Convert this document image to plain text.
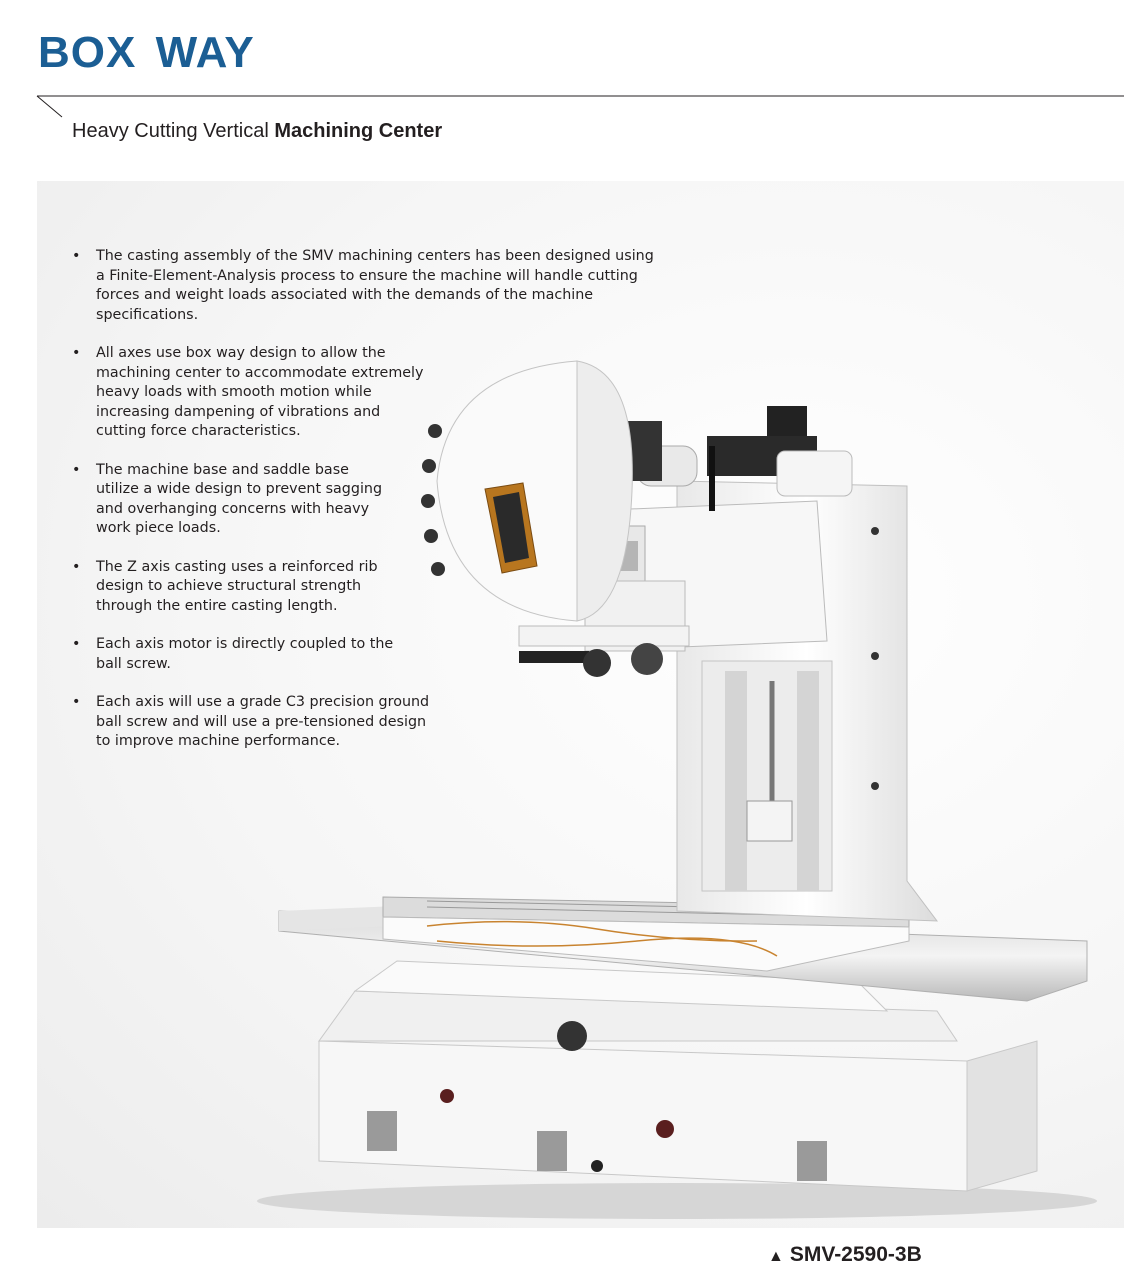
BOX WAY

Heavy Cutting Vertical Machining Center

• The casting assembly of the SMV machining centers has been designed using a Finite-Element-Analysis process to ensure the machine will handle cutting forces and weight loads associated with the demands of the machine specifications.
• All axes use box way design to allow the machining center to accommodate extremely heavy loads with smooth motion while increasing dampening of vibrations and cutting force characteristics.
• The machine base and saddle base utilize a wide design to prevent sagging and overhanging concerns with heavy work piece loads.
• The Z axis casting uses a reinforced rib design to achieve structural strength through the entire casting length.
• Each axis motor is directly coupled to the ball screw.
• Each axis will use a grade C3 precision ground ball screw and will use a pre-tensioned design to improve machine performance.

▲ SMV-2590-3B
